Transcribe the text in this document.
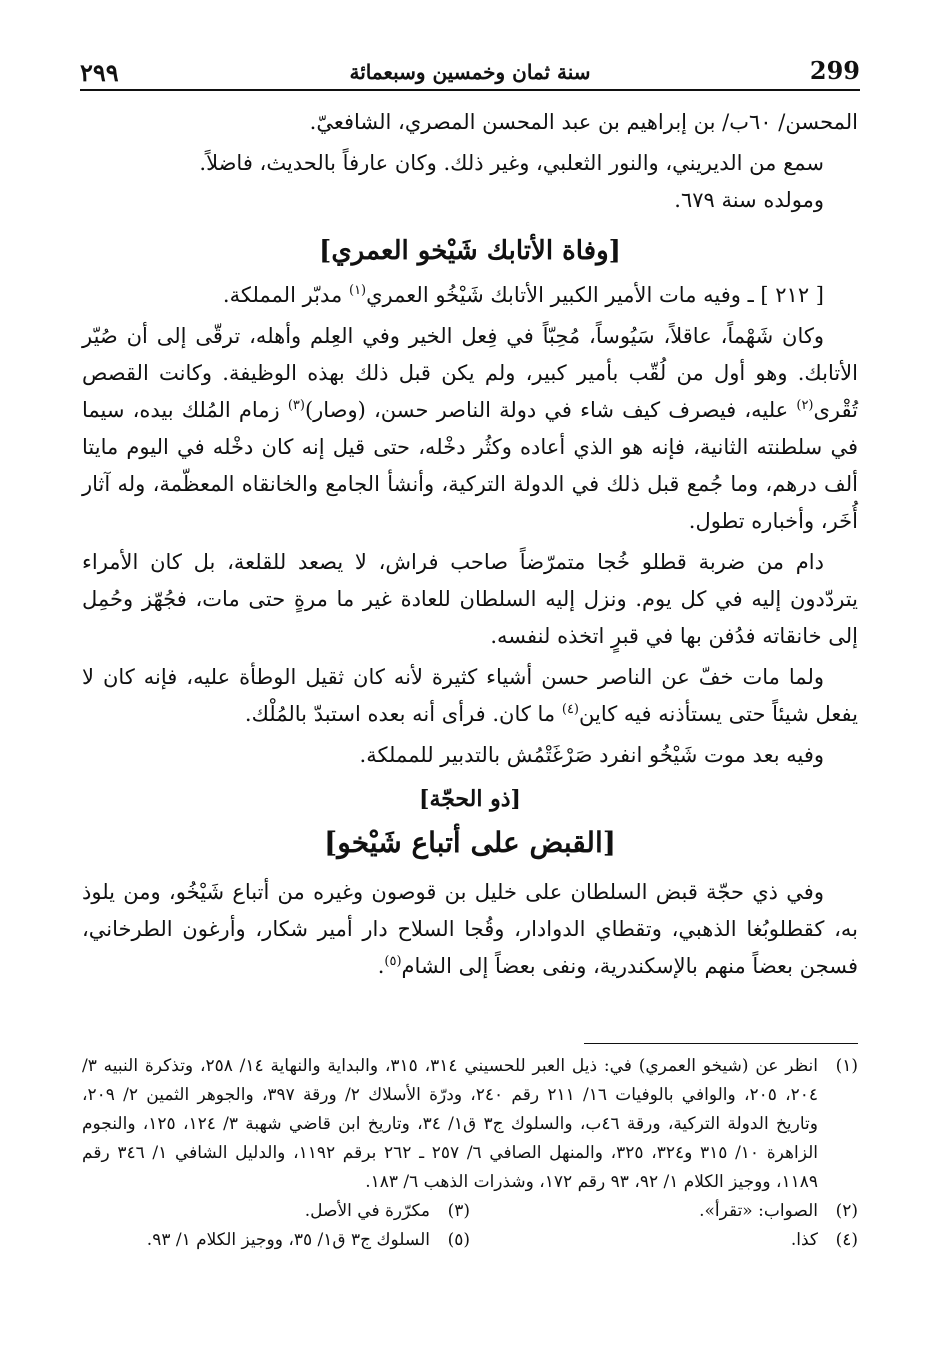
٢٩٩	سنة ثمان وخمسين وسبعمائة	299

المحسن/ ٦٠ب/ بن إبراهيم بن عبد المحسن المصري، الشافعيّ.

سمع من الديريني، والنور الثعلبي، وغير ذلك. وكان عارفاً بالحديث، فاضلاً.

ومولده سنة ٦٧٩.

[وفاة الأتابك شَيْخو العمري]

[ ٢١٢ ] ـ وفيه مات الأمير الكبير الأتابك شَيْخُو العمري$^{(١)}$ مدبّر المملكة.

وكان شَهْماً، عاقلاً، سَيُوساً، مُحِبّاً في فِعل الخير وفي العِلم وأهله، ترقّى إلى أن صُيّر الأتابك. وهو أول من لُقّب بأمير كبير، ولم يكن قبل ذلك بهذه الوظيفة. وكانت القصص تُقْرى$^{(٢)}$ عليه، فيصرف كيف شاء في دولة الناصر حسن، (وصار)$^{(٣)}$ زمام المُلك بيده، سيما في سلطنته الثانية، فإنه هو الذي أعاده وكثُر دخْله، حتى قيل إنه كان دخْله في اليوم مايتا ألف درهم، وما جُمع قبل ذلك في الدولة التركية، وأنشأ الجامع والخانقاه المعظّمة، وله آثار أُخَر، وأخباره تطول.

دام من ضربة قطلو خُجا متمرّضاً صاحب فراش، لا يصعد للقلعة، بل كان الأمراء يتردّدون إليه في كل يوم. ونزل إليه السلطان للعادة غير ما مرةٍ حتى مات، فجُهّز وحُمِل إلى خانقاته فدُفن بها في قبرٍ اتخذه لنفسه.

ولما مات خفّ عن الناصر حسن أشياء كثيرة لأنه كان ثقيل الوطأة عليه، فإنه كان لا يفعل شيئاً حتى يستأذنه فيه كاين$^{(٤)}$ ما كان. فرأى أنه بعده استبدّ بالمُلْك.

وفيه بعد موت شَيْخُو انفرد صَرْغَتْمُش بالتدبير للمملكة.

[ذو الحجّة]
[القبض على أتباع شَيْخو]

وفي ذي حجّة قبض السلطان على خليل بن قوصون وغيره من أتباع شَيْخُو، ومن يلوذ به، كقطلوبُغا الذهبي، وتقطاي الدوادار، وقُجا السلاح دار أمير شكار، وأرغون الطرخاني، فسجن بعضاً منهم بالإسكندرية، ونفى بعضاً إلى الشام$^{(٥)}$.

(١)
انظر عن (شيخو العمري) في: ذيل العبر للحسيني ٣١٤، ٣١٥، والبداية والنهاية ١٤/ ٢٥٨، وتذكرة النبيه ٣/ ٢٠٤، ٢٠٥، والوافي بالوفيات ١٦/ ٢١١ رقم ٢٤٠، ودرّة الأسلاك ٢/ ورقة ٣٩٧، والجوهر الثمين ٢/ ٢٠٩، وتاريخ الدولة التركية، ورقة ٤٦ب، والسلوك ج٣ ق١/ ٣٤، وتاريخ ابن قاضي شهبة ٣/ ١٢٤، ١٢٥، والنجوم الزاهرة ١٠/ ٣١٥ و٣٢٤، ٣٢٥، والمنهل الصافي ٦/ ٢٥٧ ـ ٢٦٢ برقم ١١٩٢، والدليل الشافي ١/ ٣٤٦ رقم ١١٨٩، ووجيز الكلام ١/ ٩٢، ٩٣ رقم ١٧٢، وشذرات الذهب ٦/ ١٨٣.
(٢)
الصواب: «تقرأ».
(٣)
مكرّرة في الأصل.
(٤)
كذا.
(٥)
السلوك ج٣ ق١/ ٣٥، ووجيز الكلام ١/ ٩٣.
